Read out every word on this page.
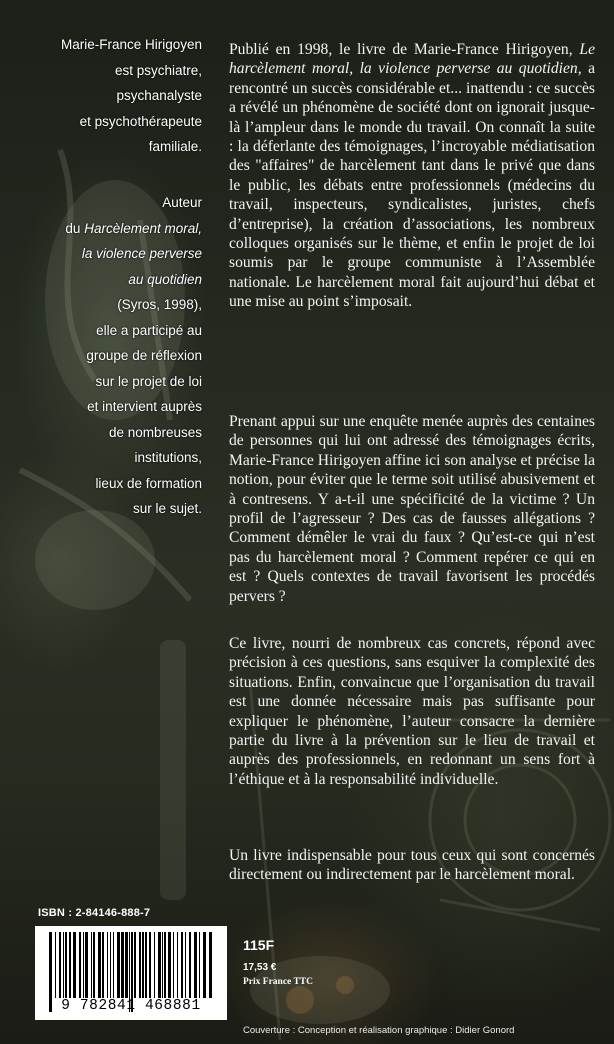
Marie-France Hirigoyen

est psychiatre,

psychanalyste

et psychothérapeute

familiale.

Auteur

du Harcèlement moral,

la violence perverse

au quotidien

(Syros, 1998),

elle a participé au

groupe de réflexion

sur le projet de loi

et intervient auprès

de nombreuses

institutions,

lieux de formation

sur le sujet.

Publié en 1998, le livre de Marie-France Hirigoyen, Le harcèlement moral, la violence perverse au quotidien, a rencontré un succès considérable et... inattendu : ce succès a révélé un phénomène de société dont on ignorait jusque-là l’ampleur dans le monde du travail. On connaît la suite : la déferlante des témoignages, l’incroyable médiatisation des "affaires" de harcèlement tant dans le privé que dans le public, les débats entre professionnels (médecins du travail, inspecteurs, syndicalistes, juristes, chefs d’entreprise), la création d’associations, les nombreux colloques organisés sur le thème, et enfin le projet de loi soumis par le groupe communiste à l’Assemblée nationale. Le harcèlement moral fait aujourd’hui débat et une mise au point s’imposait.

Prenant appui sur une enquête menée auprès des centaines de personnes qui lui ont adressé des témoignages écrits, Marie-France Hirigoyen affine ici son analyse et précise la notion, pour éviter que le terme soit utilisé abusivement et à contresens. Y a-t-il une spécificité de la victime ? Un profil de l’agresseur ? Des cas de fausses allégations ? Comment démêler le vrai du faux ? Qu’est-ce qui n’est pas du harcèlement moral ? Comment repérer ce qui en est ? Quels contextes de travail favorisent les procédés pervers ?

Ce livre, nourri de nombreux cas concrets, répond avec précision à ces questions, sans esquiver la complexité des situations. Enfin, convaincue que l’organisation du travail est une donnée nécessaire mais pas suffisante pour expliquer le phénomène, l’auteur consacre la dernière partie du livre à la prévention sur le lieu de travail et auprès des professionnels, en redonnant un sens fort à l’éthique et à la responsabilité individuelle.

Un livre indispensable pour tous ceux qui sont concernés directement ou indirectement par le harcèlement moral.

ISBN : 2-84146-888-7
9 782841 468881
115F
17,53 €
Prix France TTC
Couverture : Conception et réalisation graphique : Didier Gonord
